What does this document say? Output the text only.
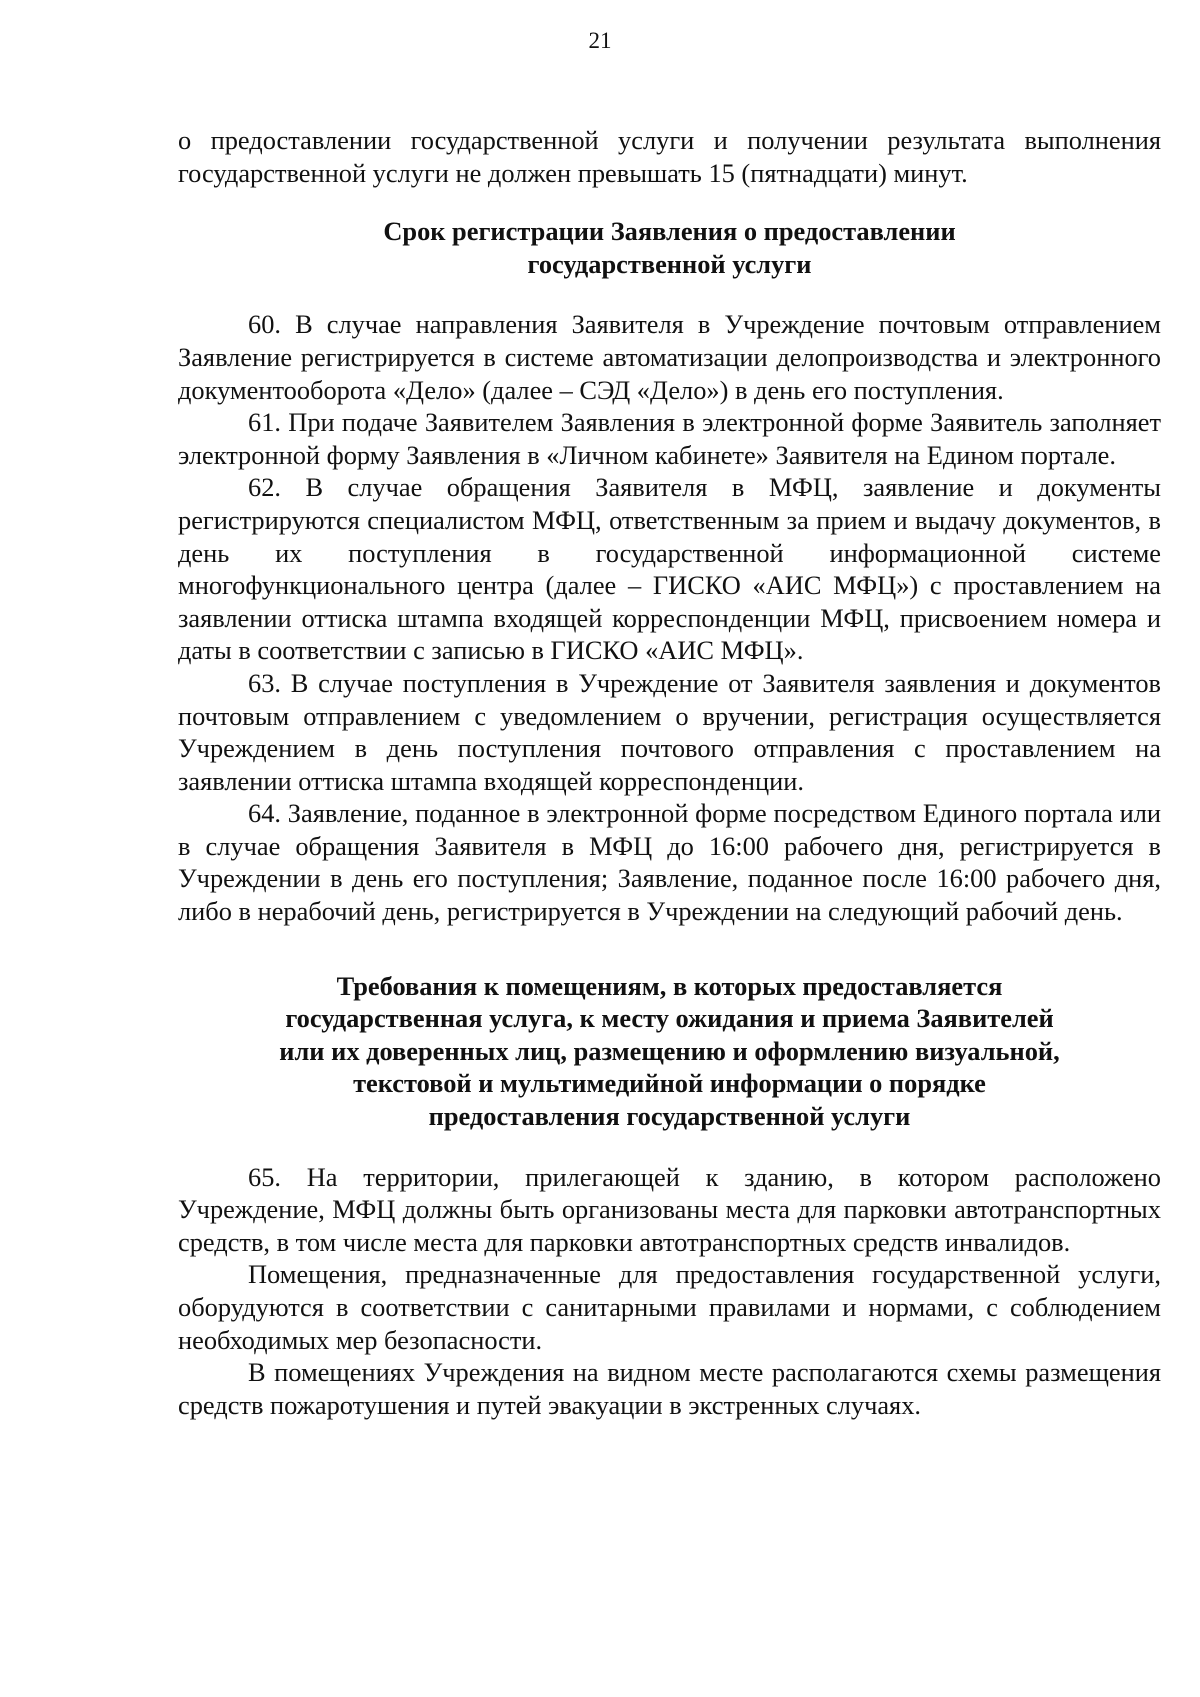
21

о предоставлении государственной услуги и получении результата выполнения государственной услуги не должен превышать 15 (пятнадцати) минут.

Срок регистрации Заявления о предоставлении
государственной услуги

60. В случае направления Заявителя в Учреждение почтовым отправлением Заявление регистрируется в системе автоматизации делопроизводства и электронного документооборота «Дело» (далее – СЭД «Дело») в день его поступления.

61. При подаче Заявителем Заявления в электронной форме Заявитель заполняет электронной форму Заявления в «Личном кабинете» Заявителя на Едином портале.

62. В случае обращения Заявителя в МФЦ, заявление и документы регистрируются специалистом МФЦ, ответственным за прием и выдачу документов, в день их поступления в государственной информационной системе многофункционального центра (далее – ГИСКО «АИС МФЦ») с проставлением на заявлении оттиска штампа входящей корреспонденции МФЦ, присвоением номера и даты в соответствии с записью в ГИСКО «АИС МФЦ».

63. В случае поступления в Учреждение от Заявителя заявления и документов почтовым отправлением с уведомлением о вручении, регистрация осуществляется Учреждением в день поступления почтового отправления с проставлением на заявлении оттиска штампа входящей корреспонденции.

64. Заявление, поданное в электронной форме посредством Единого портала или в случае обращения Заявителя в МФЦ до 16:00 рабочего дня, регистрируется в Учреждении в день его поступления; Заявление, поданное после 16:00 рабочего дня, либо в нерабочий день, регистрируется в Учреждении на следующий рабочий день.

Требования к помещениям, в которых предоставляется
государственная услуга, к месту ожидания и приема Заявителей
или их доверенных лиц, размещению и оформлению визуальной,
текстовой и мультимедийной информации о порядке
предоставления государственной услуги

65. На территории, прилегающей к зданию, в котором расположено Учреждение, МФЦ должны быть организованы места для парковки автотранспортных средств, в том числе места для парковки автотранспортных средств инвалидов.

Помещения, предназначенные для предоставления государственной услуги, оборудуются в соответствии с санитарными правилами и нормами, с соблюдением необходимых мер безопасности.

В помещениях Учреждения на видном месте располагаются схемы размещения средств пожаротушения и путей эвакуации в экстренных случаях.
